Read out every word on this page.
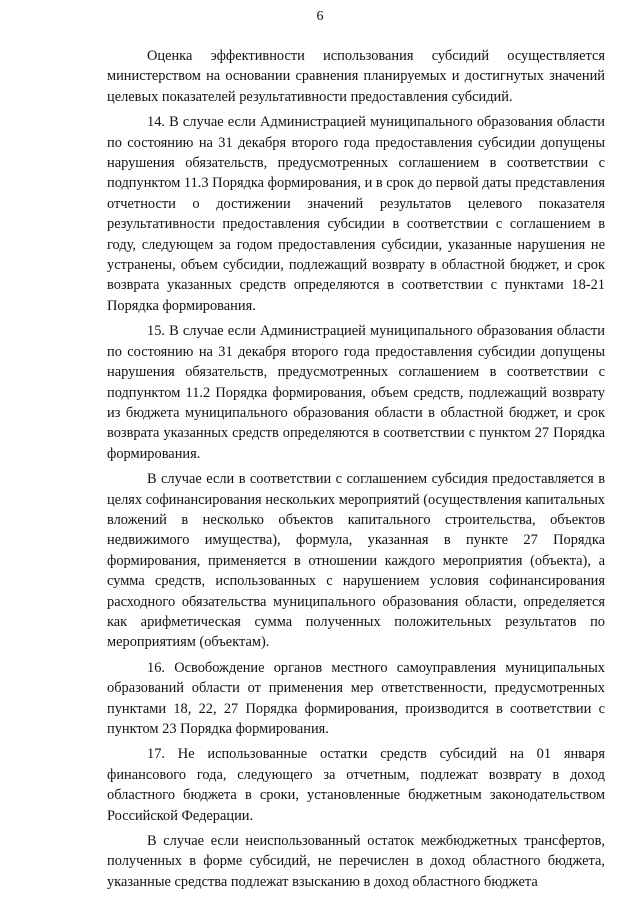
6

Оценка эффективности использования субсидий осуществляется министерством на основании сравнения планируемых и достигнутых значений целевых показателей результативности предоставления субсидий.

14. В случае если Администрацией муниципального образования области по состоянию на 31 декабря второго года предоставления субсидии допущены нарушения обязательств, предусмотренных соглашением в соответствии с подпунктом 11.3 Порядка формирования, и в срок до первой даты представления отчетности о достижении значений результатов целевого показателя результативности предоставления субсидии в соответствии с соглашением в году, следующем за годом предоставления субсидии, указанные нарушения не устранены, объем субсидии, подлежащий возврату в областной бюджет, и срок возврата указанных средств определяются в соответствии с пунктами 18-21 Порядка формирования.

15. В случае если Администрацией муниципального образования области по состоянию на 31 декабря второго года предоставления субсидии допущены нарушения обязательств, предусмотренных соглашением в соответствии с подпунктом 11.2 Порядка формирования, объем средств, подлежащий возврату из бюджета муниципального образования области в областной бюджет, и срок возврата указанных средств определяются в соответствии с пунктом 27 Порядка формирования.

В случае если в соответствии с соглашением субсидия предоставляется в целях софинансирования нескольких мероприятий (осуществления капитальных вложений в несколько объектов капитального строительства, объектов недвижимого имущества), формула, указанная в пункте 27 Порядка формирования, применяется в отношении каждого мероприятия (объекта), а сумма средств, использованных с нарушением условия софинансирования расходного обязательства муниципального образования области, определяется как арифметическая сумма полученных положительных результатов по мероприятиям (объектам).

16. Освобождение органов местного самоуправления муниципальных образований области от применения мер ответственности, предусмотренных пунктами 18, 22, 27 Порядка формирования, производится в соответствии с пунктом 23 Порядка формирования.

17. Не использованные остатки средств субсидий на 01 января финансового года, следующего за отчетным, подлежат возврату в доход областного бюджета в сроки, установленные бюджетным законодательством Российской Федерации.

В случае если неиспользованный остаток межбюджетных трансфертов, полученных в форме субсидий, не перечислен в доход областного бюджета, указанные средства подлежат взысканию в доход областного бюджета
